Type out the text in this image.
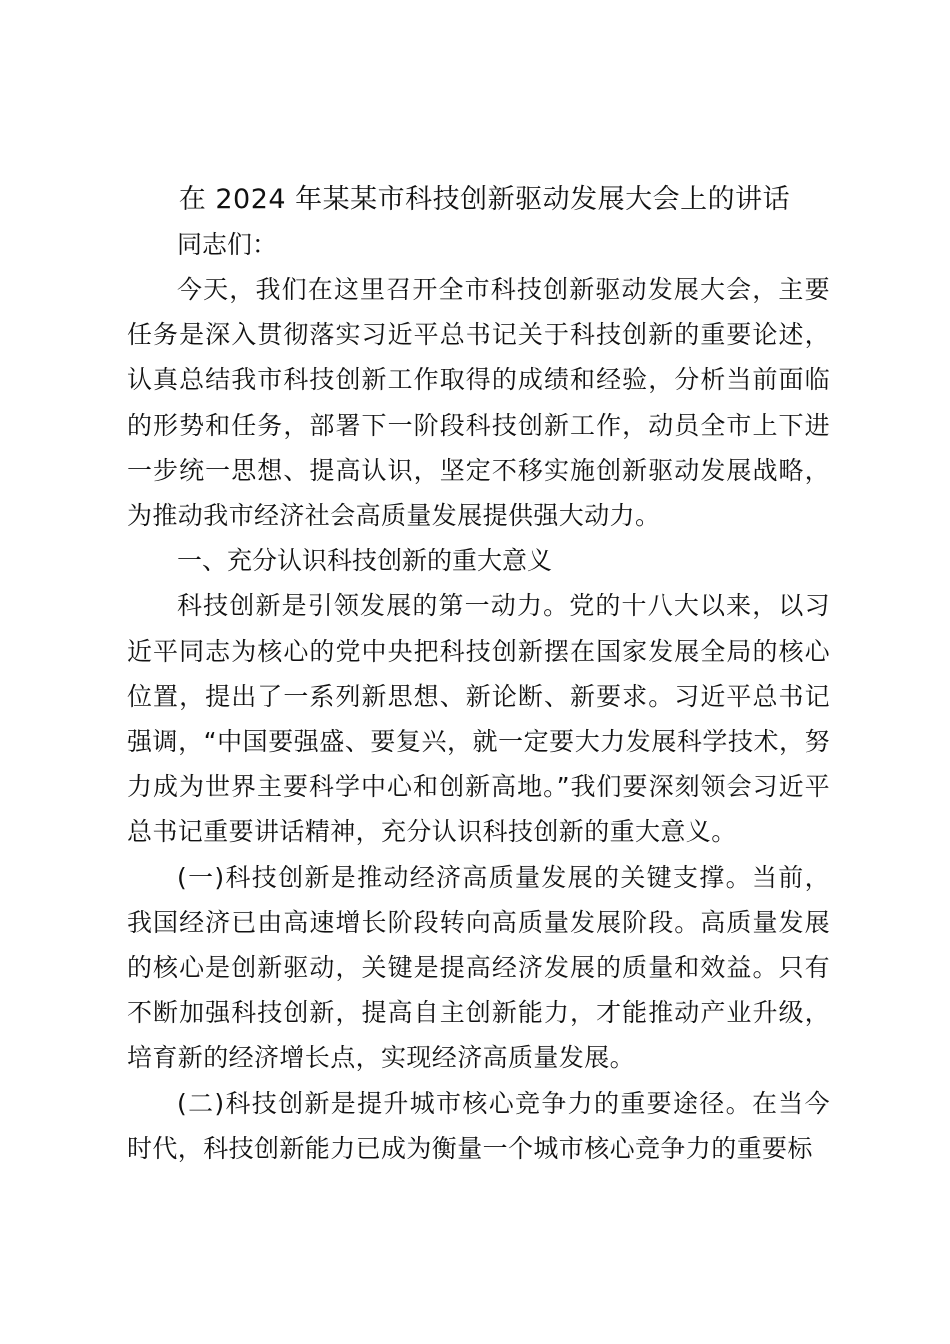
在 2024 年某某市科技创新驱动发展大会上的讲话

同志们：

今天，我们在这里召开全市科技创新驱动发展大会，主要任务是深入贯彻落实习近平总书记关于科技创新的重要论述，认真总结我市科技创新工作取得的成绩和经验，分析当前面临的形势和任务，部署下一阶段科技创新工作，动员全市上下进一步统一思想、提高认识，坚定不移实施创新驱动发展战略，为推动我市经济社会高质量发展提供强大动力。

一、充分认识科技创新的重大意义

科技创新是引领发展的第一动力。党的十八大以来，以习近平同志为核心的党中央把科技创新摆在国家发展全局的核心位置，提出了一系列新思想、新论断、新要求。习近平总书记强调，“中国要强盛、要复兴，就一定要大力发展科学技术，努力成为世界主要科学中心和创新高地。”我们要深刻领会习近平总书记重要讲话精神，充分认识科技创新的重大意义。

(一)科技创新是推动经济高质量发展的关键支撑。当前，我国经济已由高速增长阶段转向高质量发展阶段。高质量发展的核心是创新驱动，关键是提高经济发展的质量和效益。只有不断加强科技创新，提高自主创新能力，才能推动产业升级，培育新的经济增长点，实现经济高质量发展。

(二)科技创新是提升城市核心竞争力的重要途径。在当今时代，科技创新能力已成为衡量一个城市核心竞争力的重要标
